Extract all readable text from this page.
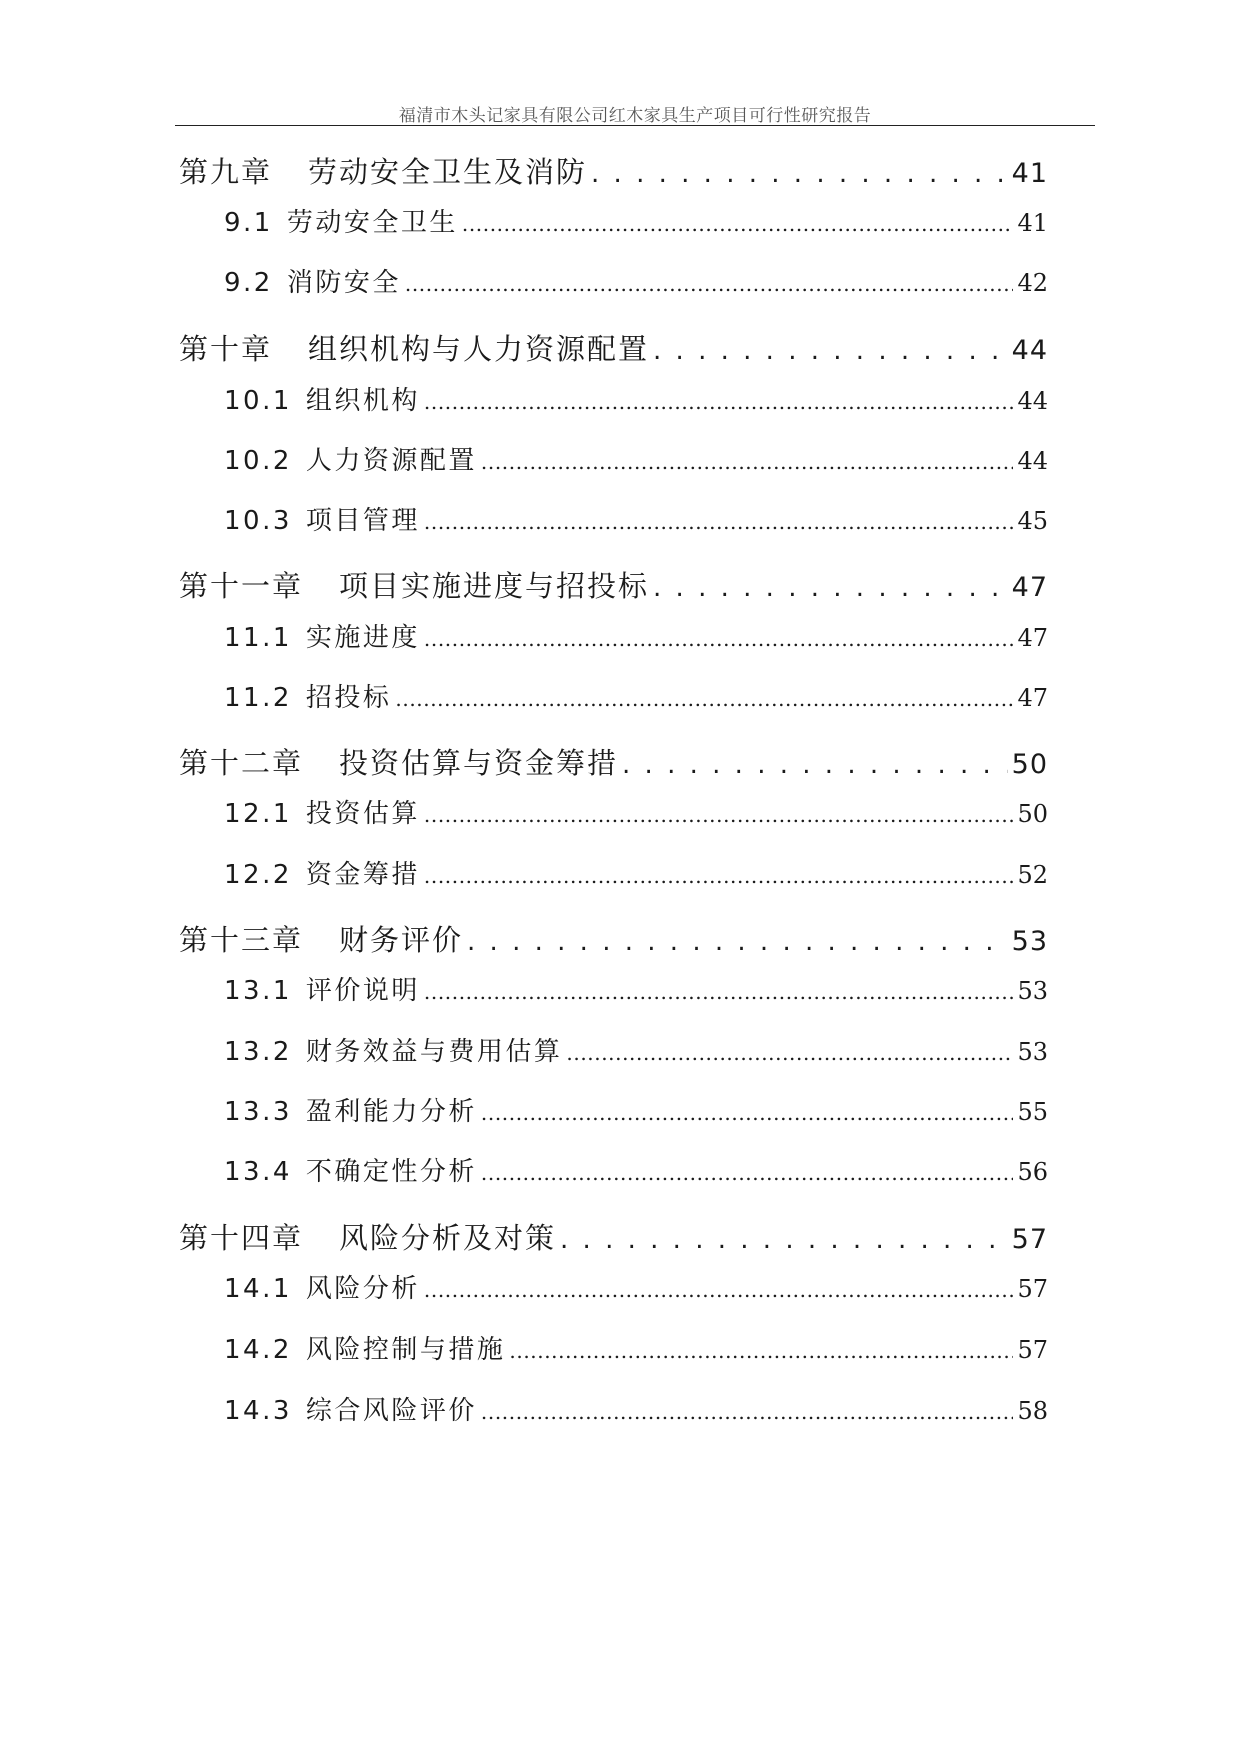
福清市木头记家具有限公司红木家具生产项目可行性研究报告
第九章 劳动安全卫生及消防 . . .	41
9.1 劳动安全卫生 .....	41
9.2 消防安全 .....	42
第十章 组织机构与人力资源配置 . . .	44
10.1 组织机构 .....	44
10.2 人力资源配置 .....	44
10.3 项目管理 .....	45
第十一章 项目实施进度与招投标 . . .	47
11.1 实施进度 .....	47
11.2 招投标 .....	47
第十二章 投资估算与资金筹措 . . .	50
12.1 投资估算 .....	50
12.2 资金筹措 .....	52
第十三章 财务评价 . . .	53
13.1 评价说明 .....	53
13.2 财务效益与费用估算 .....	53
13.3 盈利能力分析 .....	55
13.4 不确定性分析 .....	56
第十四章 风险分析及对策 . . .	57
14.1 风险分析 .....	57
14.2 风险控制与措施 .....	57
14.3 综合风险评价 .....	58
